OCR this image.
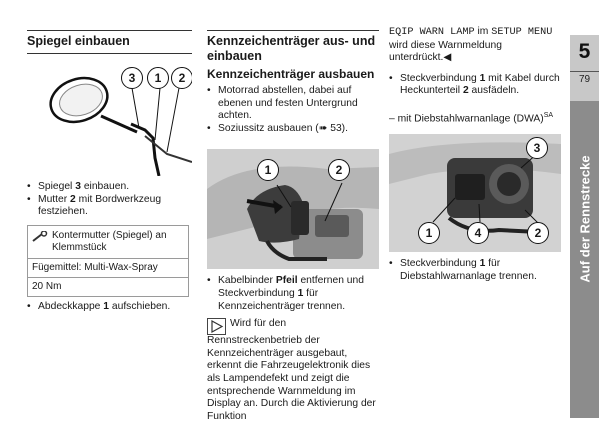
Spiegel einbauen
3	1	2
• Spiegel 3 einbauen.
• Mutter 2 mit Bordwerkzeug festziehen.
Kontermutter (Spiegel) an Klemmstück
Fügemittel: Multi-Wax-Spray
20 Nm
• Abdeckkappe 1 aufschieben.
Kennzeichenträger aus- und einbauen
Kennzeichenträger ausbauen
• Motorrad abstellen, dabei auf ebenen und festen Untergrund achten.
• Soziussitz ausbauen (➠ 53).
1	2
• Kabelbinder Pfeil entfernen und Steckverbindung 1 für Kennzeichenträger trennen.

Wird für den Rennstreckenbetrieb der Kennzeichenträger ausgebaut, erkennt die Fahrzeugelektronik dies als Lampendefekt und zeigt die entsprechende Warnmeldung im Display an. Durch die Aktivierung der Funktion

EQIP WARN LAMP im SETUP MENU wird diese Warnmeldung unterdrückt.◀

• Steckverbindung 1 mit Kabel durch Heckunterteil 2 ausfädeln.

– mit Diebstahlwarnanlage (DWA)$^{SA}$

3
1	4	2
• Steckverbindung 1 für Diebstahlwarnanlage trennen.
5
79
Auf der Rennstrecke
